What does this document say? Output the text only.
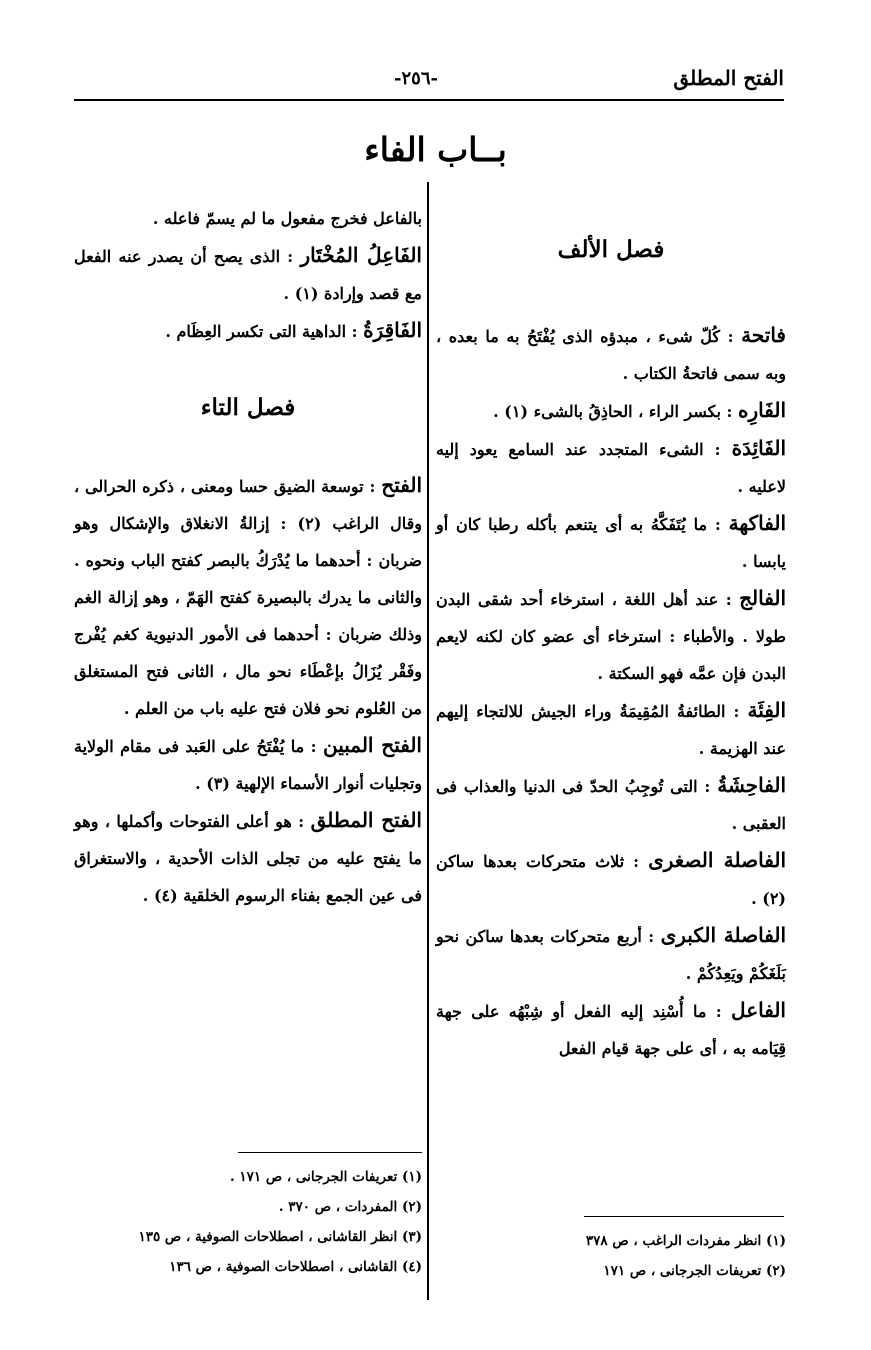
الفتح المطلق
-٢٥٦-
بــاب الفاء
فصل الألف
فاتحة : كُلّ شىء ، مبدؤه الذى يُفْتَحُ به ما بعده ، وبه سمى فاتحةُ الكتاب .
الفَارِه : بكسر الراء ، الحاذِقُ بالشىء (١) .
الفَائِدَة : الشىء المتجدد عند السامع يعود إليه لاعليه .
الفاكهة : ما يُتَفَكَّهُ به أى يتنعم بأكله رطبا كان أو يابسا .
الفالج : عند أهل اللغة ، استرخاء أحد شقى البدن طولا . والأطباء : استرخاء أى عضو كان لكنه لايعم البدن فإن عمَّه فهو السكتة .
الفِئَة : الطائفةُ المُقِيمَةُ وراء الجيش للالتجاء إليهم عند الهزيمة .
الفاحِشَةُ : التى تُوجِبُ الحدّ فى الدنيا والعذاب فى العقبى .
الفاصلة الصغرى : ثلاث متحركات بعدها ساكن (٢) .
الفاصلة الكبرى : أربع متحركات بعدها ساكن نحو بَلَغَكُمْ ويَعِدُكُمْ .
الفاعل : ما أُسْنِد إليه الفعل أو شِبْهُه على جهة قِيَامه به ، أى على جهة قيام الفعل
(١) انظر مفردات الراغب ، ص ٣٧٨
(٢) تعريفات الجرجانى ، ص ١٧١
بالفاعل فخرج مفعول ما لم يسمّ فاعله .
الفَاعِلُ المُخْتَار : الذى يصح أن يصدر عنه الفعل مع قصد وإرادة (١) .
الفَاقِرَةُ : الداهية التى تكسر العِظَام .
فصل التاء
الفتح : توسعة الضيق حسا ومعنى ، ذكره الحرالى ، وقال الراغب (٢) : إزالةُ الانغلاق والإشكال وهو ضربان : أحدهما ما يُدْرَكُ بالبصر كفتح الباب ونحوه . والثانى ما يدرك بالبصيرة كفتح الهَمّ ، وهو إزالة الغم وذلك ضربان : أحدهما فى الأمور الدنيوية كغم يُفْرج وفَقْر يُزَالُ بإعْطَاء نحو مال ، الثانى فتح المستغلق من العُلوم نحو فلان فتح عليه باب من العلم .
الفتح المبين : ما يُفْتَحُ على العَبد فى مقام الولاية وتجليات أنوار الأسماء الإلهية (٣) .
الفتح المطلق : هو أعلى الفتوحات وأكملها ، وهو ما يفتح عليه من تجلى الذات الأحدية ، والاستغراق فى عين الجمع بفناء الرسوم الخلقية (٤) .
(١) تعريفات الجرجانى ، ص ١٧١ .
(٢) المفردات ، ص ٣٧٠ .
(٣) انظر القاشانى ، اصطلاحات الصوفية ، ص ١٣٥
(٤) القاشانى ، اصطلاحات الصوفية ، ص ١٣٦
